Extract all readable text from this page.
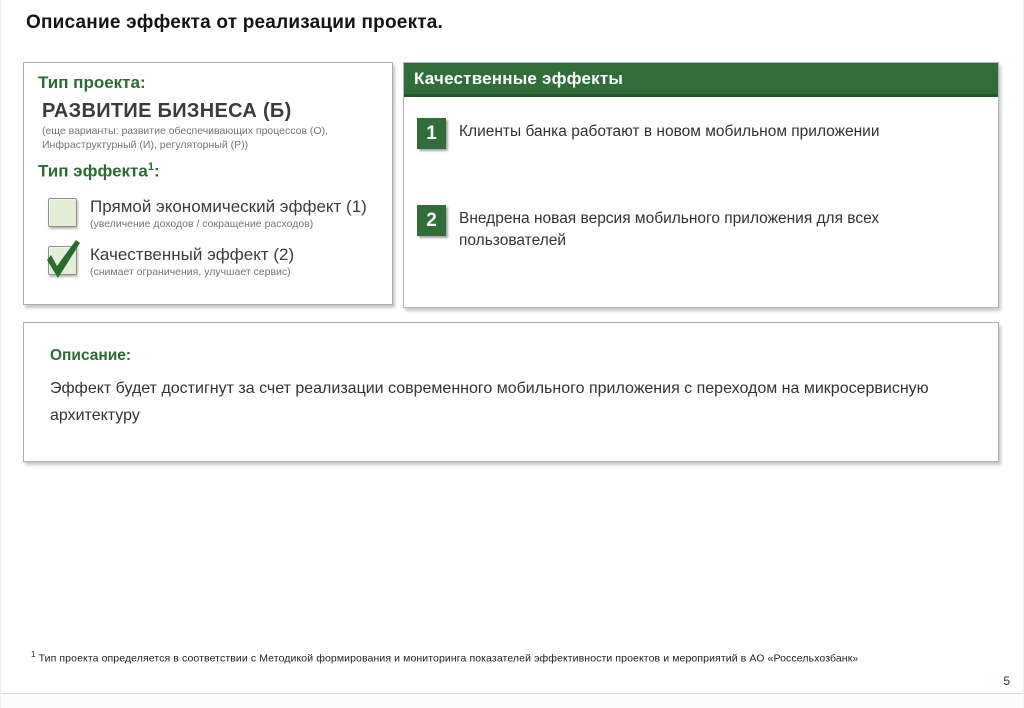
Описание эффекта от реализации проекта.
Тип проекта:
РАЗВИТИЕ БИЗНЕСА (Б)
(еще варианты: развитие обеспечивающих процессов (О), Инфраструктурный (И), регуляторный (Р))
Тип эффекта$^1$:
Прямой экономический эффект (1)
(увеличение доходов / сокращение расходов)
Качественный эффект (2)
(снимает ограничения, улучшает сервис)
Качественные эффекты
1	Клиенты банка работают в новом мобильном приложении
2	Внедрена новая версия мобильного приложения для всех пользователей
Описание:
Эффект будет достигнут за счет реализации современного мобильного приложения с переходом на микросервисную архитектуру
$^1$ Тип проекта определяется в соответствии с Методикой формирования и мониторинга показателей эффективности проектов и мероприятий в АО «Россельхозбанк»
5
